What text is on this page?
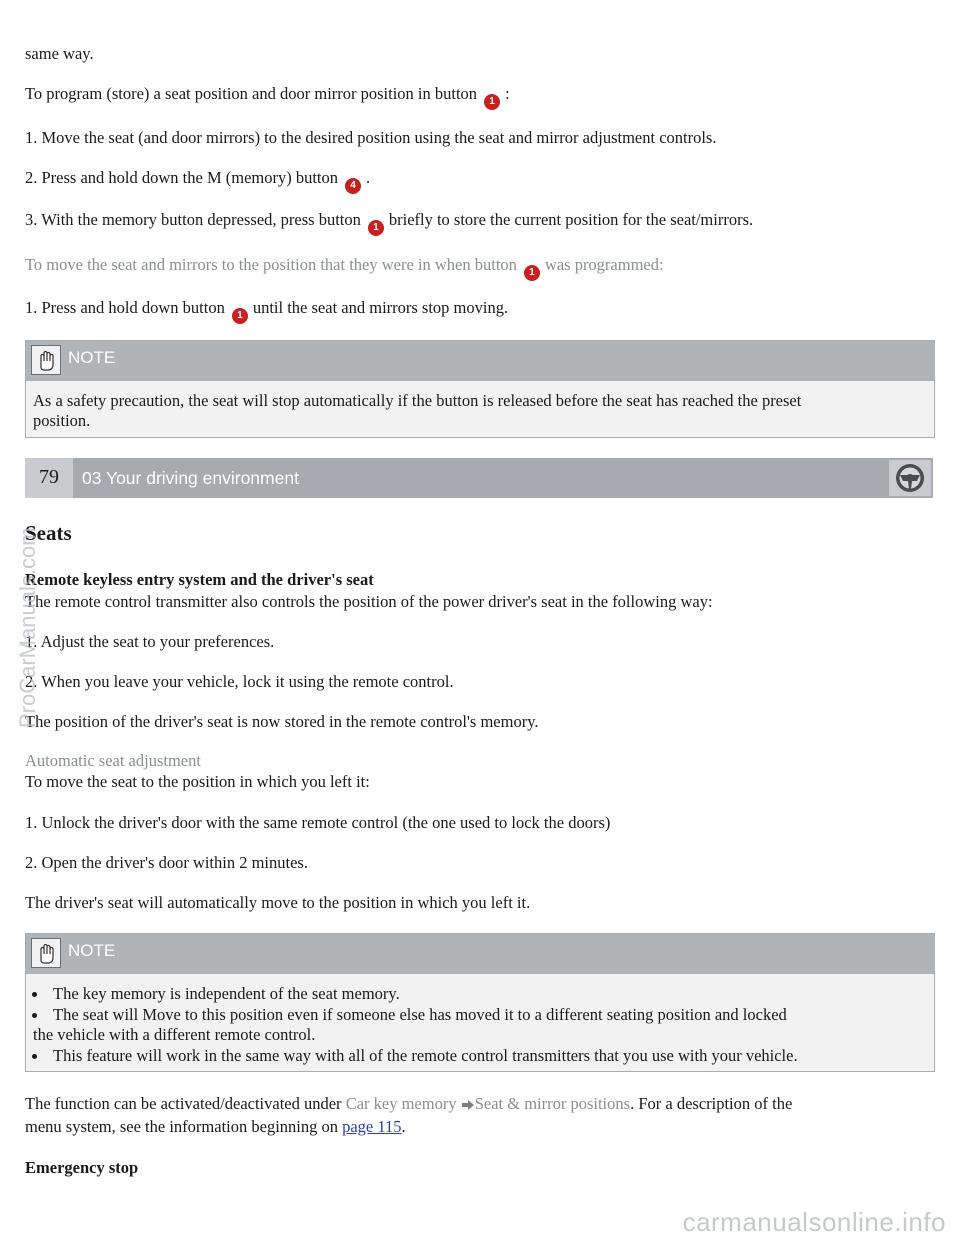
same way.
To program (store) a seat position and door mirror position in button 1 :
1. Move the seat (and door mirrors) to the desired position using the seat and mirror adjustment controls.
2. Press and hold down the M (memory) button 4 .
3. With the memory button depressed, press button 1 briefly to store the current position for the seat/mirrors.
To move the seat and mirrors to the position that they were in when button 1 was programmed:
1. Press and hold down button 1 until the seat and mirrors stop moving.
NOTE
As a safety precaution, the seat will stop automatically if the button is released before the seat has reached the preset
position.
79	03 Your driving environment
Seats
Remote keyless entry system and the driver's seat
The remote control transmitter also controls the position of the power driver's seat in the following way:
1. Adjust the seat to your preferences.
2. When you leave your vehicle, lock it using the remote control.
The position of the driver's seat is now stored in the remote control's memory.
Automatic seat adjustment
To move the seat to the position in which you left it:
1. Unlock the driver's door with the same remote control (the one used to lock the doors)
2. Open the driver's door within 2 minutes.
The driver's seat will automatically move to the position in which you left it.
NOTE
The key memory is independent of the seat memory.
The seat will Move to this position even if someone else has moved it to a different seating position and locked
the vehicle with a different remote control.
This feature will work in the same way with all of the remote control transmitters that you use with your vehicle.
The function can be activated/deactivated under Car key memory Seat & mirror positions. For a description of the
menu system, see the information beginning on page 115.
Emergency stop
ProCarManuals.com
carmanualsonline.info
